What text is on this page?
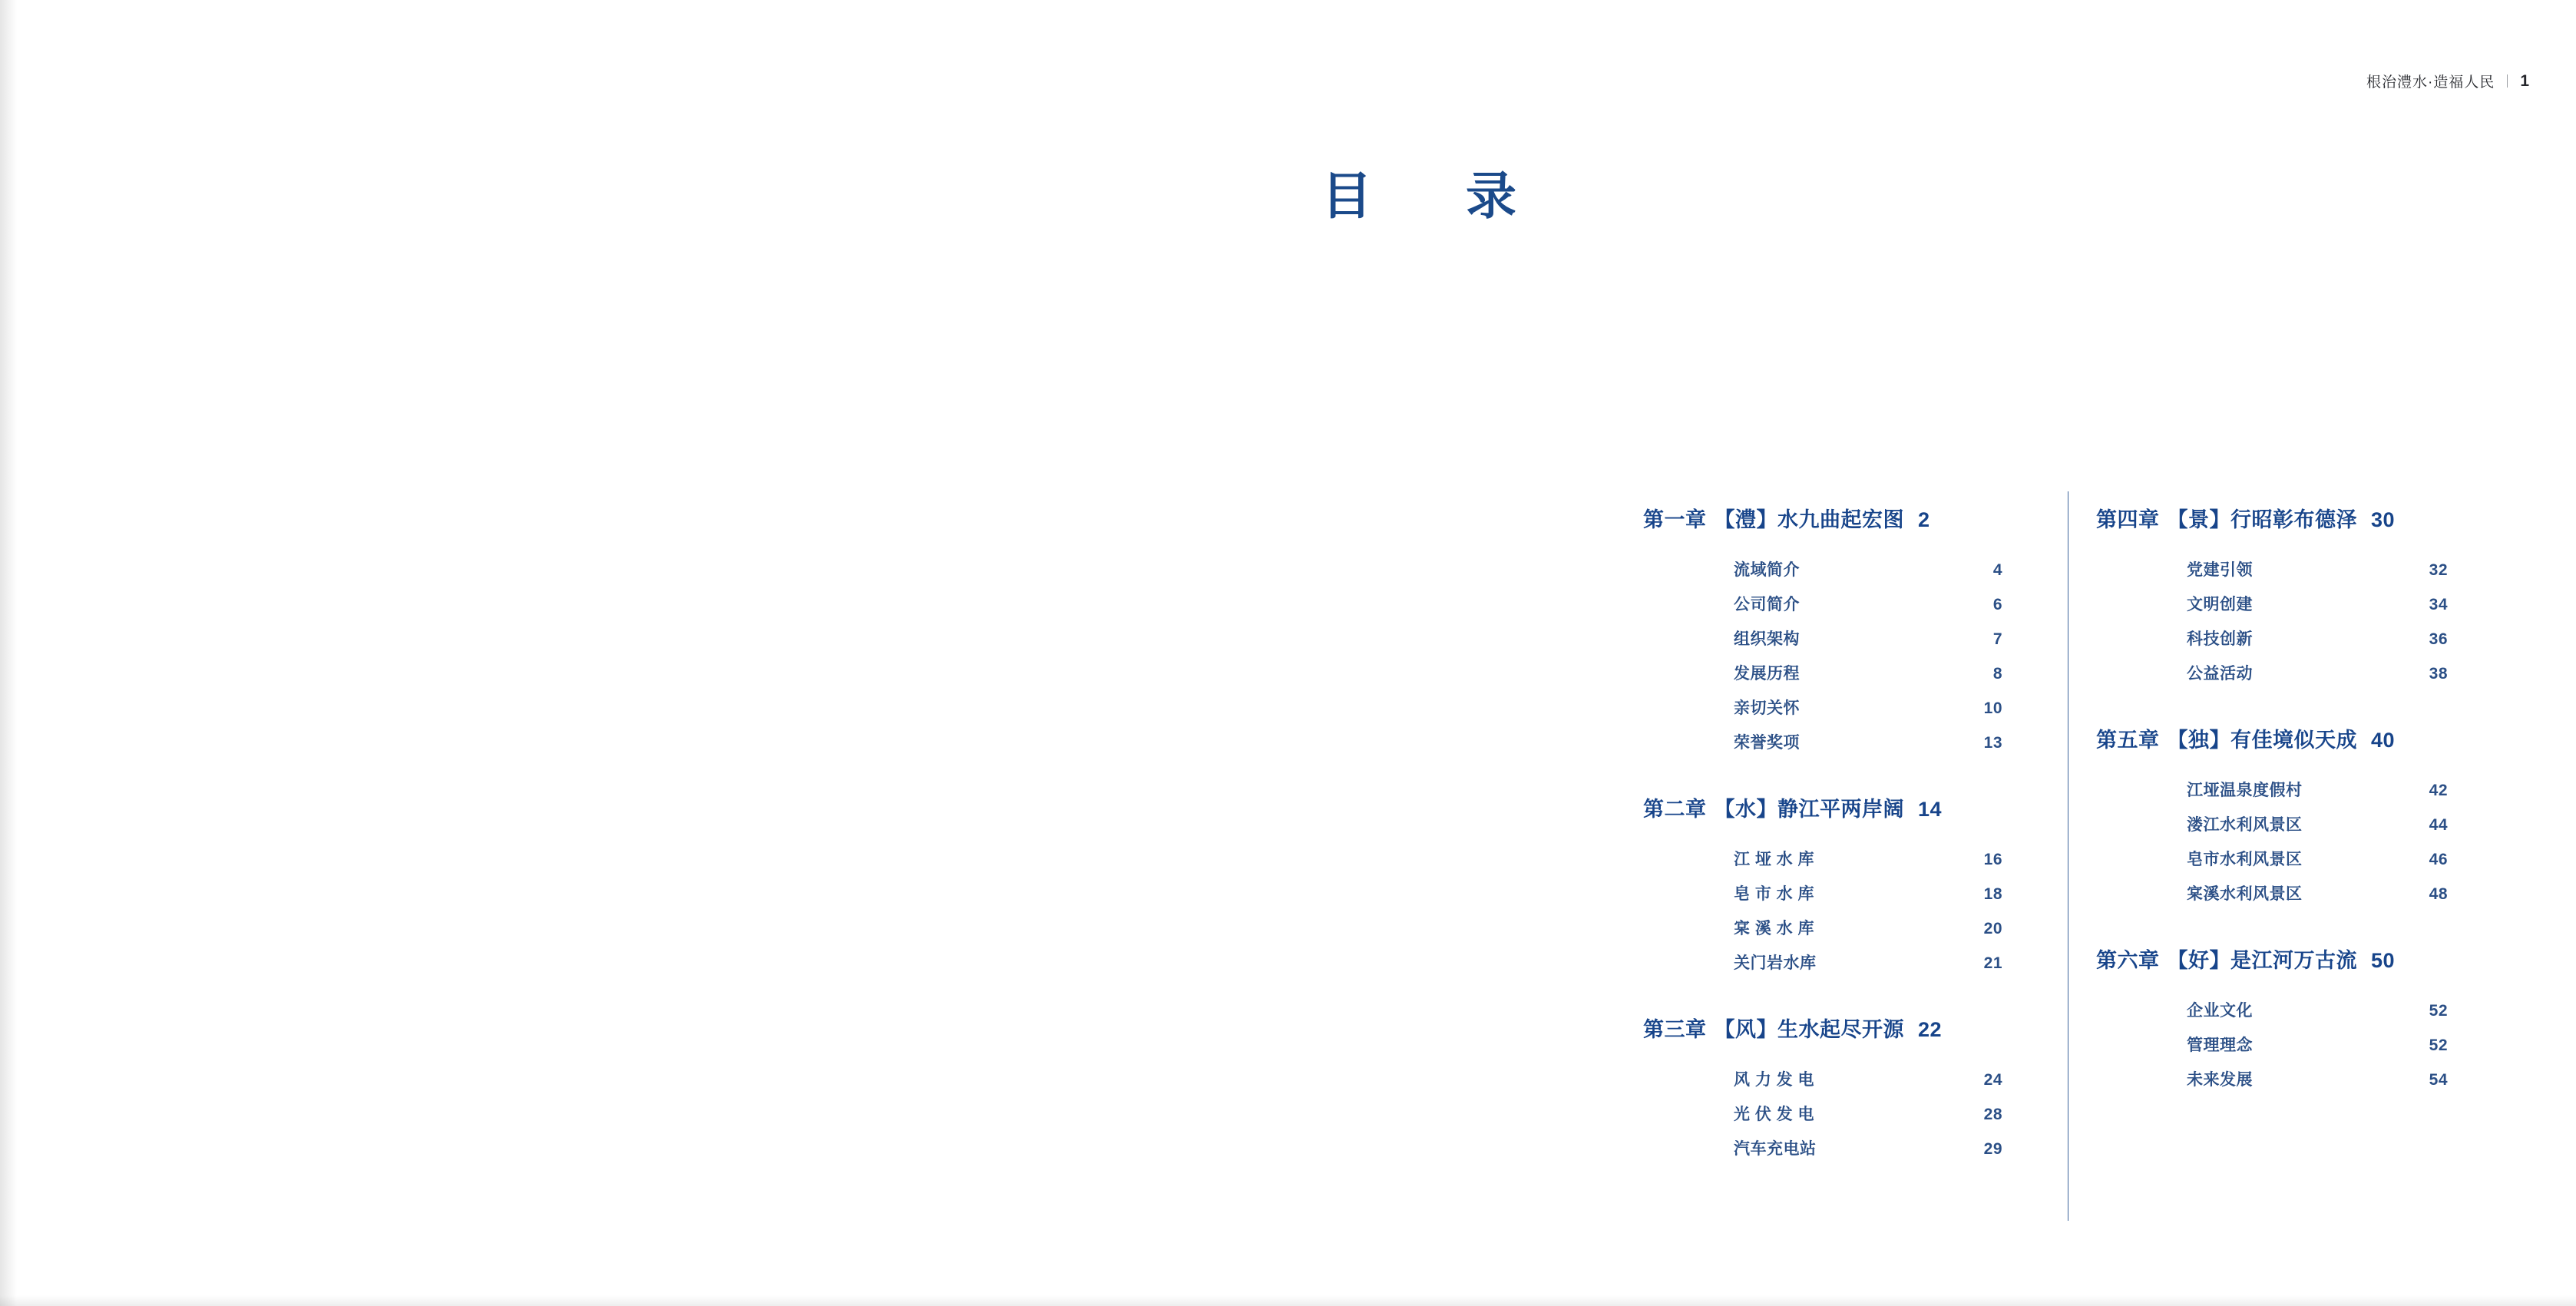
根治澧水·造福人民 1
目　录
第一章 【澧】水九曲起宏图 2
流域简介	4
公司简介	6
组织架构	7
发展历程	8
亲切关怀	10
荣誉奖项	13
第二章 【水】静江平两岸阔 14
江 垭 水 库	16
皂 市 水 库	18
宲 溪 水 库	20
关门岩水库	21
第三章 【风】生水起尽开源 22
风 力 发 电	24
光 伏 发 电	28
汽车充电站	29
第四章 【景】行昭彰布德泽 30
党建引领	32
文明创建	34
科技创新	36
公益活动	38
第五章 【独】有佳境似天成 40
江垭温泉度假村	42
溇江水利风景区	44
皂市水利风景区	46
宲溪水利风景区	48
第六章 【好】是江河万古流 50
企业文化	52
管理理念	52
未来发展	54
